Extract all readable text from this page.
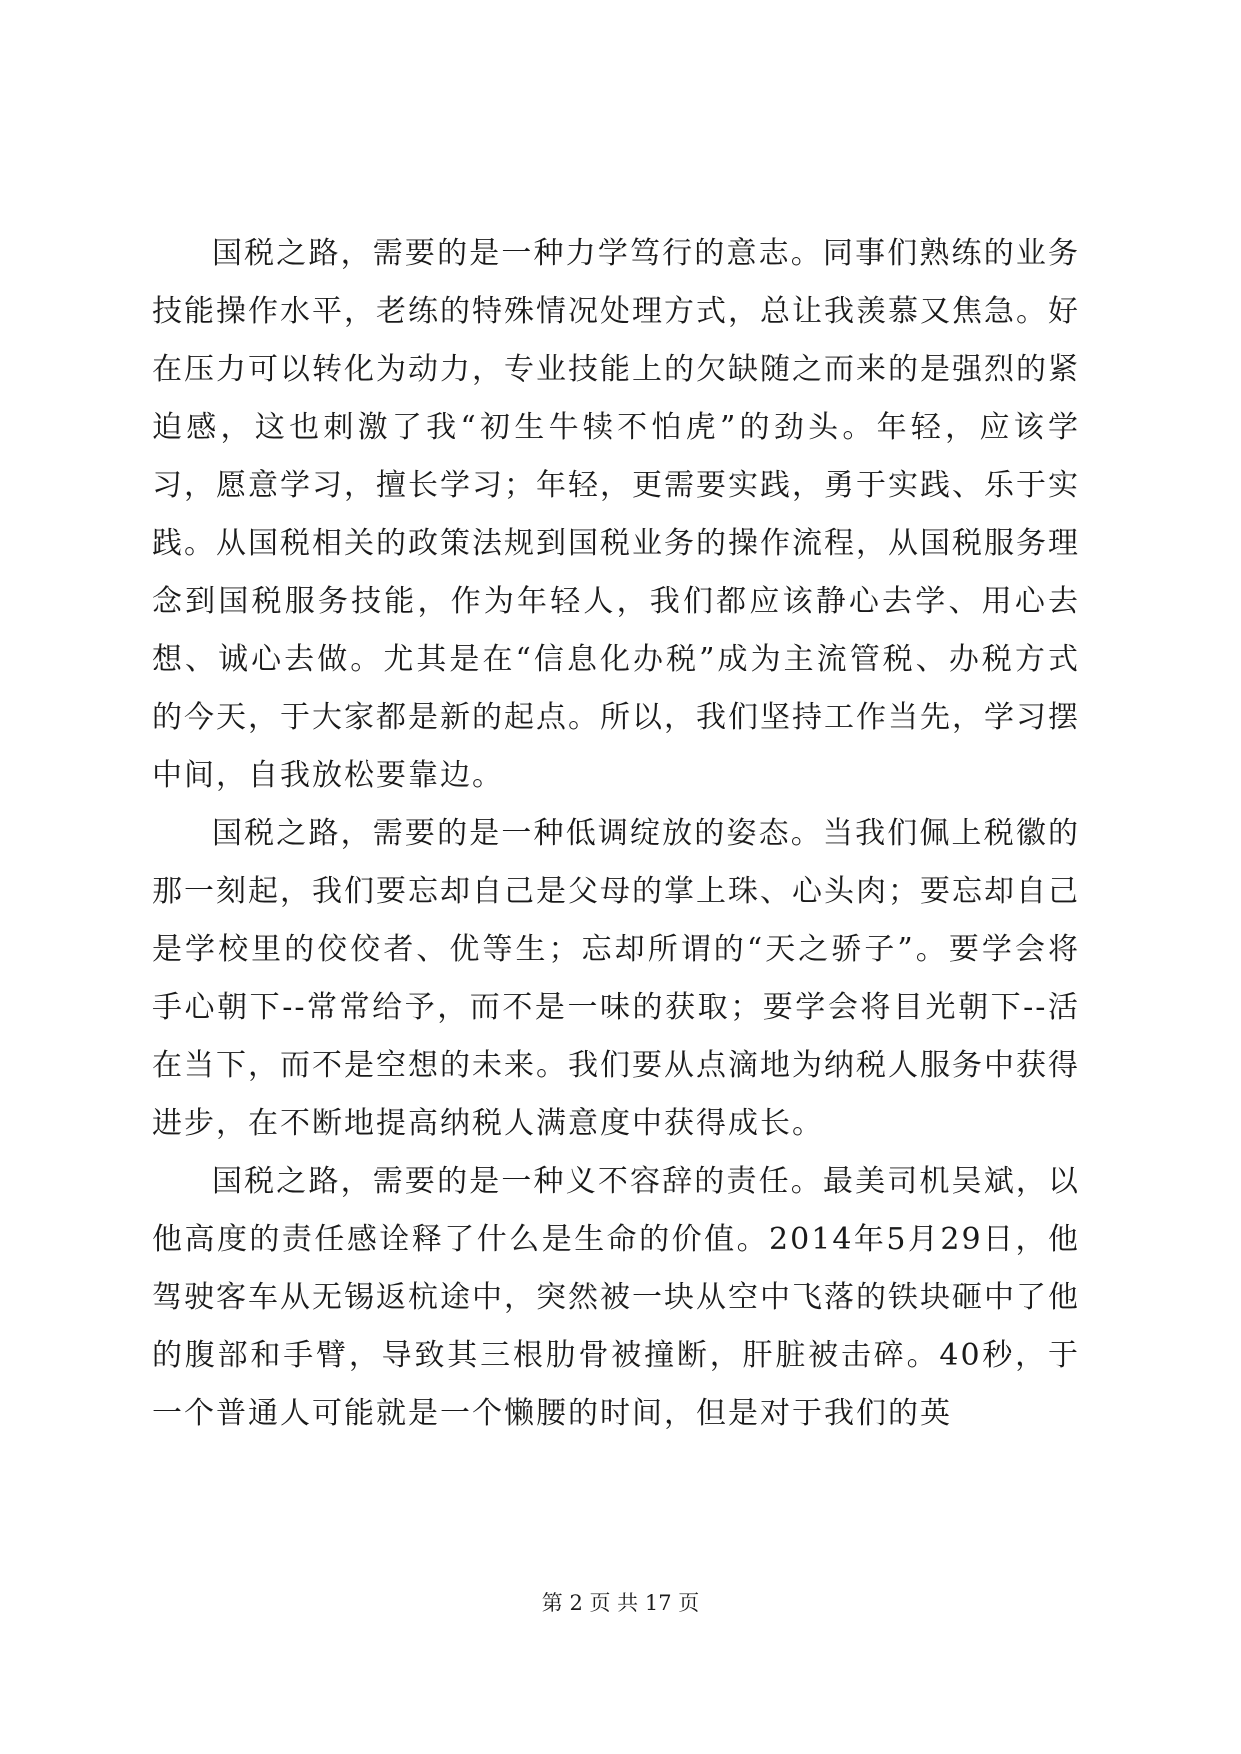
国税之路，需要的是一种力学笃行的意志。同事们熟练的业务技能操作水平，老练的特殊情况处理方式，总让我羡慕又焦急。好在压力可以转化为动力，专业技能上的欠缺随之而来的是强烈的紧迫感，这也刺激了我“初生牛犊不怕虎”的劲头。年轻，应该学习，愿意学习，擅长学习；年轻，更需要实践，勇于实践、乐于实践。从国税相关的政策法规到国税业务的操作流程，从国税服务理念到国税服务技能，作为年轻人，我们都应该静心去学、用心去想、诚心去做。尤其是在“信息化办税”成为主流管税、办税方式的今天，于大家都是新的起点。所以，我们坚持工作当先，学习摆中间，自我放松要靠边。

国税之路，需要的是一种低调绽放的姿态。当我们佩上税徽的那一刻起，我们要忘却自己是父母的掌上珠、心头肉；要忘却自己是学校里的佼佼者、优等生；忘却所谓的“天之骄子”。要学会将手心朝下--常常给予，而不是一味的获取；要学会将目光朝下--活在当下，而不是空想的未来。我们要从点滴地为纳税人服务中获得进步，在不断地提高纳税人满意度中获得成长。

国税之路，需要的是一种义不容辞的责任。最美司机吴斌，以他高度的责任感诠释了什么是生命的价值。2014年5月29日，他驾驶客车从无锡返杭途中，突然被一块从空中飞落的铁块砸中了他的腹部和手臂，导致其三根肋骨被撞断，肝脏被击碎。40秒，于一个普通人可能就是一个懒腰的时间，但是对于我们的英

第 2 页 共 17 页
